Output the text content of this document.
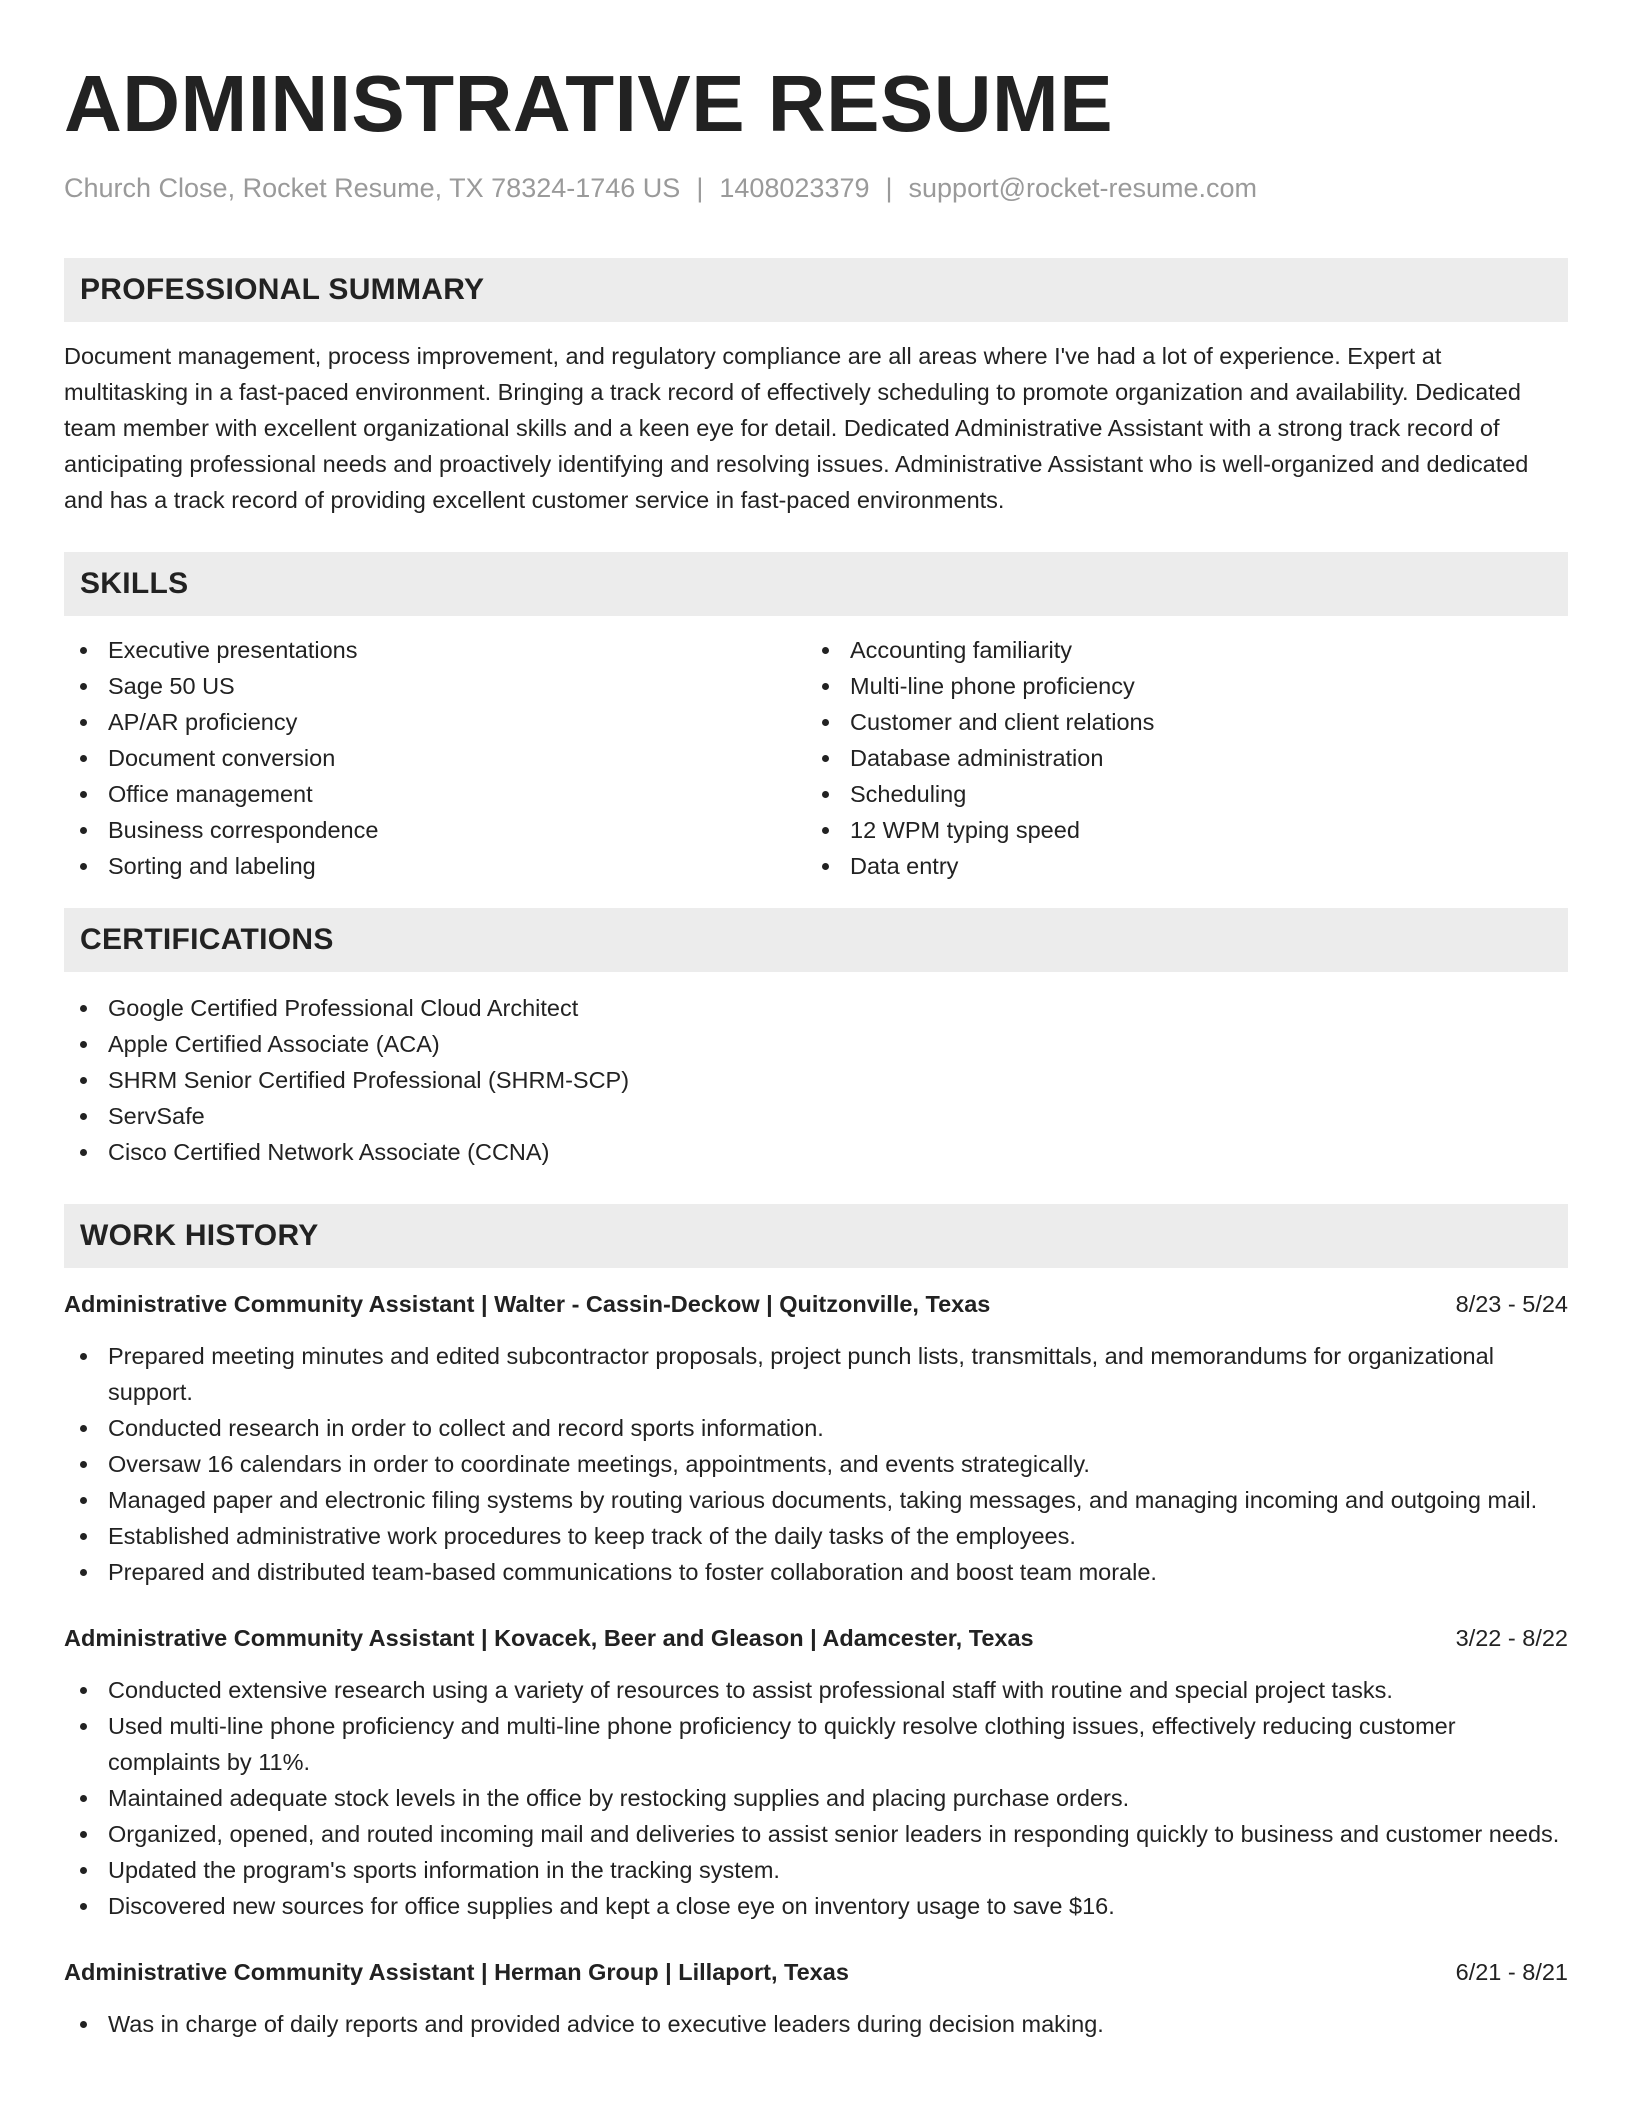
ADMINISTRATIVE RESUME
Church Close, Rocket Resume, TX 78324-1746 US | 1408023379 | support@rocket-resume.com
PROFESSIONAL SUMMARY

Document management, process improvement, and regulatory compliance are all areas where I've had a lot of experience. Expert at multitasking in a fast-paced environment. Bringing a track record of effectively scheduling to promote organization and availability. Dedicated team member with excellent organizational skills and a keen eye for detail. Dedicated Administrative Assistant with a strong track record of anticipating professional needs and proactively identifying and resolving issues. Administrative Assistant who is well-organized and dedicated and has a track record of providing excellent customer service in fast-paced environments.

SKILLS
Executive presentations
Sage 50 US
AP/AR proficiency
Document conversion
Office management
Business correspondence
Sorting and labeling
Accounting familiarity
Multi-line phone proficiency
Customer and client relations
Database administration
Scheduling
12 WPM typing speed
Data entry
CERTIFICATIONS
Google Certified Professional Cloud Architect
Apple Certified Associate (ACA)
SHRM Senior Certified Professional (SHRM-SCP)
ServSafe
Cisco Certified Network Associate (CCNA)
WORK HISTORY
Administrative Community Assistant | Walter - Cassin-Deckow | Quitzonville, Texas	8/23 - 5/24
Prepared meeting minutes and edited subcontractor proposals, project punch lists, transmittals, and memorandums for organizational support.
Conducted research in order to collect and record sports information.
Oversaw 16 calendars in order to coordinate meetings, appointments, and events strategically.
Managed paper and electronic filing systems by routing various documents, taking messages, and managing incoming and outgoing mail.
Established administrative work procedures to keep track of the daily tasks of the employees.
Prepared and distributed team-based communications to foster collaboration and boost team morale.
Administrative Community Assistant | Kovacek, Beer and Gleason | Adamcester, Texas	3/22 - 8/22
Conducted extensive research using a variety of resources to assist professional staff with routine and special project tasks.
Used multi-line phone proficiency and multi-line phone proficiency to quickly resolve clothing issues, effectively reducing customer complaints by 11%.
Maintained adequate stock levels in the office by restocking supplies and placing purchase orders.
Organized, opened, and routed incoming mail and deliveries to assist senior leaders in responding quickly to business and customer needs.
Updated the program's sports information in the tracking system.
Discovered new sources for office supplies and kept a close eye on inventory usage to save $16.
Administrative Community Assistant | Herman Group | Lillaport, Texas	6/21 - 8/21
Was in charge of daily reports and provided advice to executive leaders during decision making.
